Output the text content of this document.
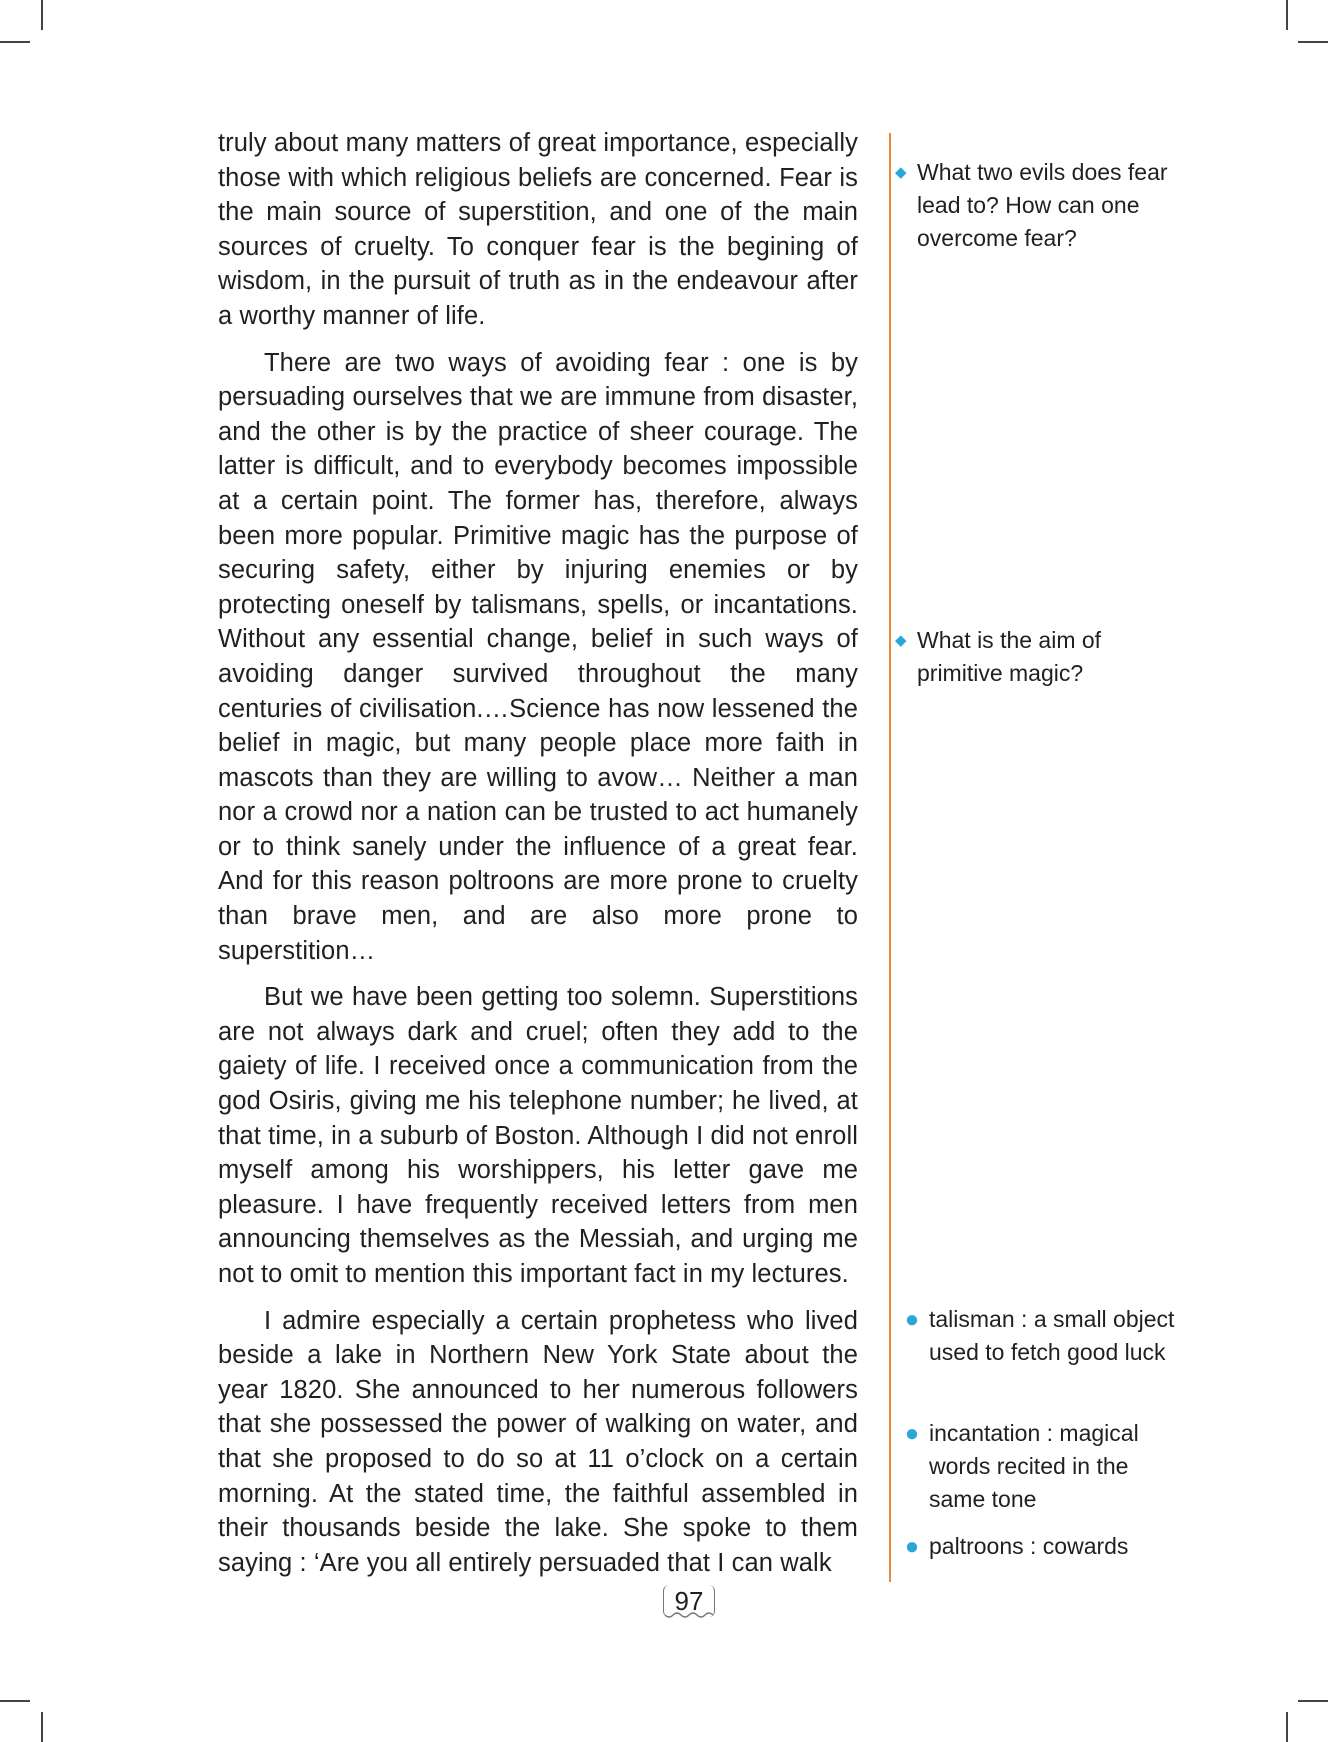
truly about many matters of great importance, especially those with which religious beliefs are concerned. Fear is the main source of superstition, and one of the main sources of cruelty. To conquer fear is the begining of wisdom, in the pursuit of truth as in the endeavour after a worthy manner of life.

There are two ways of avoiding fear : one is by persuading ourselves that we are immune from disaster, and the other is by the practice of sheer courage. The latter is difficult, and to everybody becomes impossible at a certain point. The former has, therefore, always been more popular. Primitive magic has the purpose of securing safety, either by injuring enemies or by protecting oneself by talismans, spells, or incantations. Without any essential change, belief in such ways of avoiding danger survived throughout the many centuries of civilisation.…Science has now lessened the belief in magic, but many people place more faith in mascots than they are willing to avow… Neither a man nor a crowd nor a nation can be trusted to act humanely or to think sanely under the influence of a great fear. And for this reason poltroons are more prone to cruelty than brave men, and are also more prone to superstition…

But we have been getting too solemn. Superstitions are not always dark and cruel; often they add to the gaiety of life. I received once a communication from the god Osiris, giving me his telephone number; he lived, at that time, in a suburb of Boston. Although I did not enroll myself among his worshippers, his letter gave me pleasure. I have frequently received letters from men announcing themselves as the Messiah, and urging me not to omit to mention this important fact in my lectures.

I admire especially a certain prophetess who lived beside a lake in Northern New York State about the year 1820. She announced to her numerous followers that she possessed the power of walking on water, and that she proposed to do so at 11 o’clock on a certain morning. At the stated time, the faithful assembled in their thousands beside the lake. She spoke to them saying : ‘Are you all entirely persuaded that I can walk

◆ What two evils does fear lead to? How can one overcome fear?
◆ What is the aim of primitive magic?
● talisman : a small object used to fetch good luck
● incantation : magical words recited in the same tone
● paltroons : cowards
97
